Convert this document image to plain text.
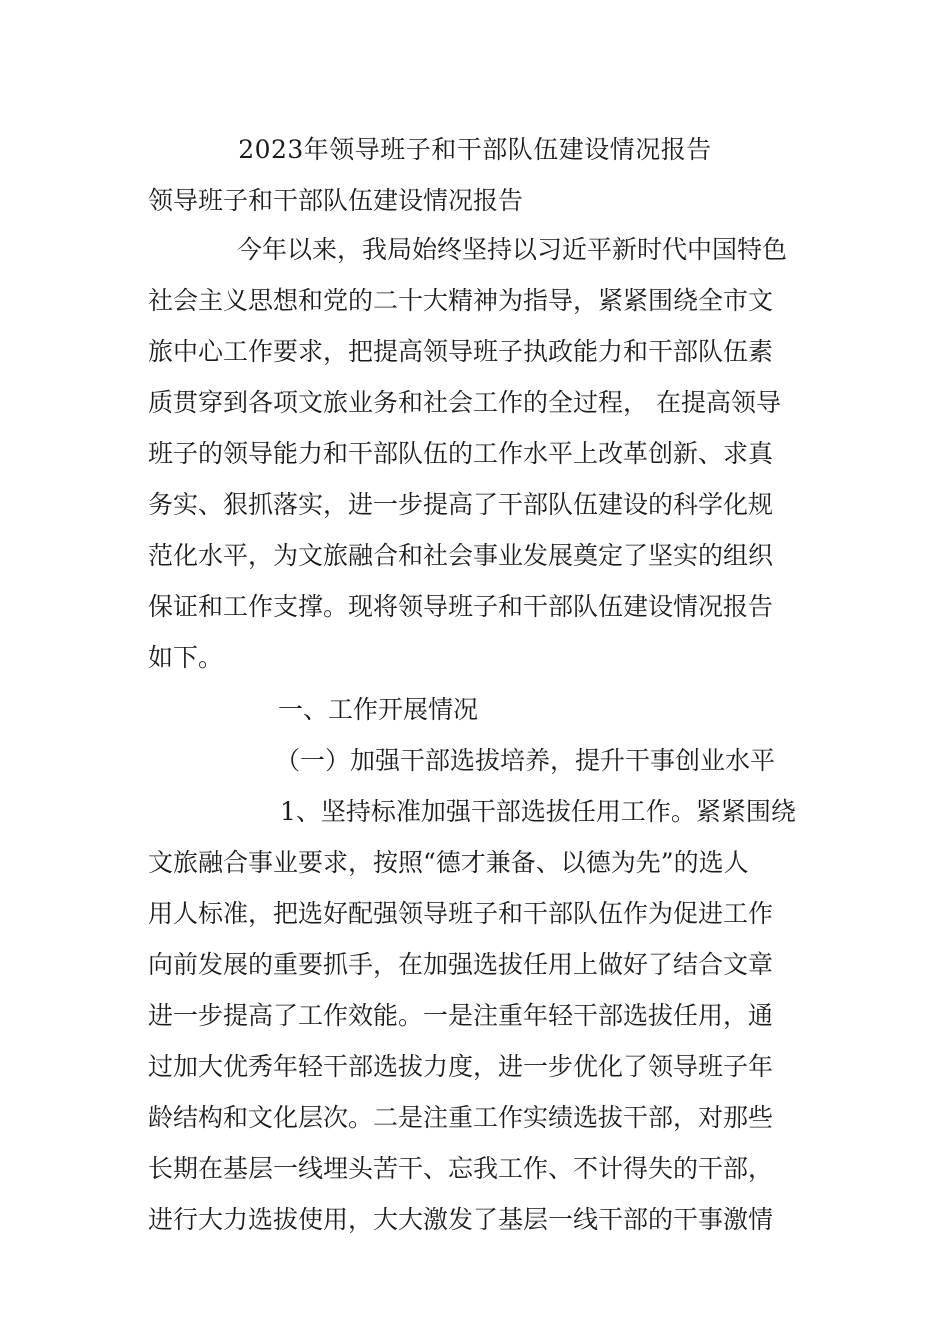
2023年领导班子和干部队伍建设情况报告
领导班子和干部队伍建设情况报告
今年以来，我局始终坚持以习近平新时代中国特色
社会主义思想和党的二十大精神为指导，紧紧围绕全市文
旅中心工作要求，把提高领导班子执政能力和干部队伍素
质贯穿到各项文旅业务和社会工作的全过程， 在提高领导
班子的领导能力和干部队伍的工作水平上改革创新、求真
务实、狠抓落实，进一步提高了干部队伍建设的科学化规
范化水平，为文旅融合和社会事业发展奠定了坚实的组织
保证和工作支撑。现将领导班子和干部队伍建设情况报告
如下。
一、工作开展情况
（一）加强干部选拔培养，提升干事创业水平
1、坚持标准加强干部选拔任用工作。紧紧围绕
文旅融合事业要求，按照“德才兼备、以德为先”的选人
用人标准，把选好配强领导班子和干部队伍作为促进工作
向前发展的重要抓手，在加强选拔任用上做好了结合文章
进一步提高了工作效能。一是注重年轻干部选拔任用，通
过加大优秀年轻干部选拔力度，进一步优化了领导班子年
龄结构和文化层次。二是注重工作实绩选拔干部，对那些
长期在基层一线埋头苦干、忘我工作、不计得失的干部，
进行大力选拔使用，大大激发了基层一线干部的干事激情
